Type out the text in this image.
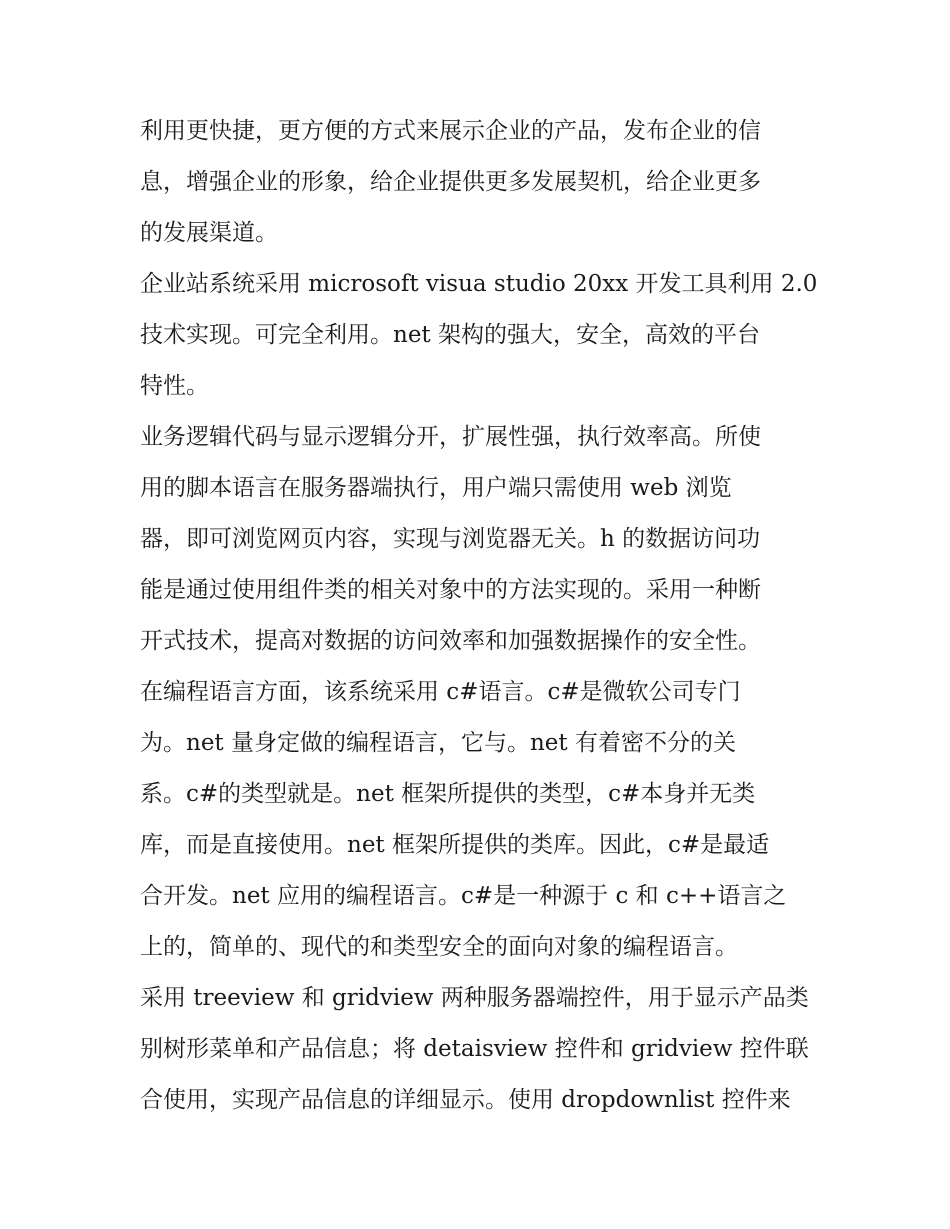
利用更快捷，更方便的方式来展示企业的产品，发布企业的信
息，增强企业的形象，给企业提供更多发展契机，给企业更多
的发展渠道。
企业站系统采用 microsoft visua studio 20xx 开发工具利用 2.0
技术实现。可完全利用。net 架构的强大，安全，高效的平台
特性。
业务逻辑代码与显示逻辑分开，扩展性强，执行效率高。所使
用的脚本语言在服务器端执行，用户端只需使用 web 浏览
器，即可浏览网页内容，实现与浏览器无关。h 的数据访问功
能是通过使用组件类的相关对象中的方法实现的。采用一种断
开式技术，提高对数据的访问效率和加强数据操作的安全性。
在编程语言方面，该系统采用 c#语言。c#是微软公司专门
为。net 量身定做的编程语言，它与。net 有着密不分的关
系。c#的类型就是。net 框架所提供的类型，c#本身并无类
库，而是直接使用。net 框架所提供的类库。因此，c#是最适
合开发。net 应用的编程语言。c#是一种源于 c 和 c++语言之
上的，简单的、现代的和类型安全的面向对象的编程语言。
采用 treeview 和 gridview 两种服务器端控件，用于显示产品类
别树形菜单和产品信息；将 detaisview 控件和 gridview 控件联
合使用，实现产品信息的详细显示。使用 dropdownlist 控件来
